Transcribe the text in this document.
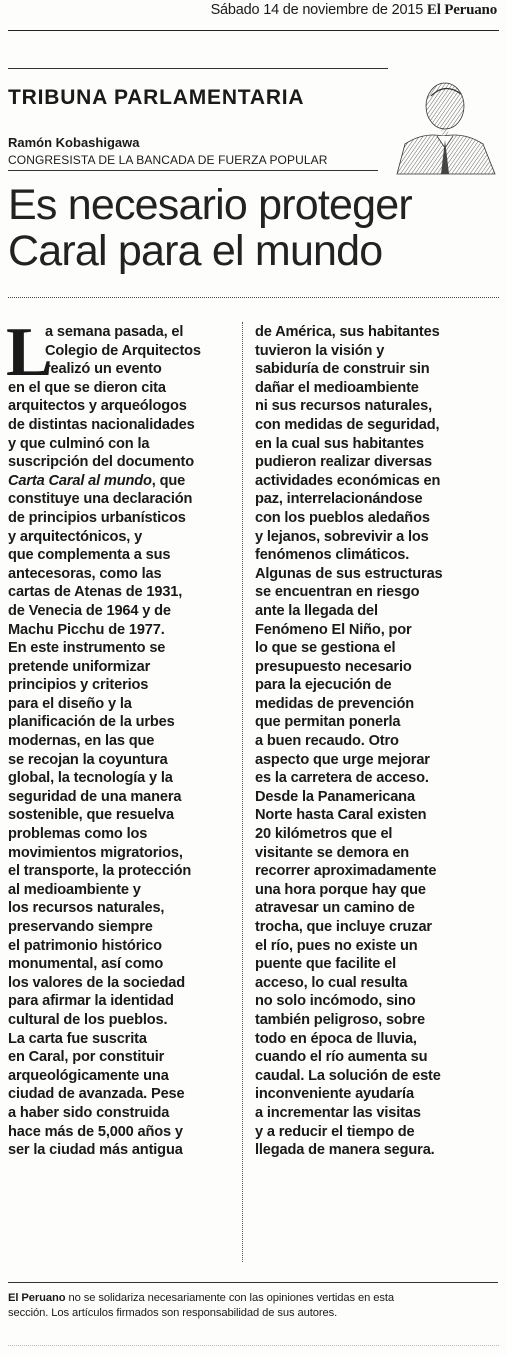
Sábado 14 de noviembre de 2015 El Peruano
TRIBUNA PARLAMENTARIA
Ramón Kobashigawa
CONGRESISTA DE LA BANCADA DE FUERZA POPULAR
Es necesario proteger
Caral para el mundo
L
a semana pasada, el
Colegio de Arquitectos
realizó un evento
en el que se dieron cita
arquitectos y arqueólogos
de distintas nacionalidades
y que culminó con la
suscripción del documento
Carta Caral al mundo, que
constituye una declaración
de principios urbanísticos
y arquitectónicos, y
que complementa a sus
antecesoras, como las
cartas de Atenas de 1931,
de Venecia de 1964 y de
Machu Picchu de 1977.
En este instrumento se
pretende uniformizar
principios y criterios
para el diseño y la
planificación de la urbes
modernas, en las que
se recojan la coyuntura
global, la tecnología y la
seguridad de una manera
sostenible, que resuelva
problemas como los
movimientos migratorios,
el transporte, la protección
al medioambiente y
los recursos naturales,
preservando siempre
el patrimonio histórico
monumental, así como
los valores de la sociedad
para afirmar la identidad
cultural de los pueblos.
La carta fue suscrita
en Caral, por constituir
arqueológicamente una
ciudad de avanzada. Pese
a haber sido construida
hace más de 5,000 años y
ser la ciudad más antigua
de América, sus habitantes
tuvieron la visión y
sabiduría de construir sin
dañar el medioambiente
ni sus recursos naturales,
con medidas de seguridad,
en la cual sus habitantes
pudieron realizar diversas
actividades económicas en
paz, interrelacionándose
con los pueblos aledaños
y lejanos, sobrevivir a los
fenómenos climáticos.
Algunas de sus estructuras
se encuentran en riesgo
ante la llegada del
Fenómeno El Niño, por
lo que se gestiona el
presupuesto necesario
para la ejecución de
medidas de prevención
que permitan ponerla
a buen recaudo. Otro
aspecto que urge mejorar
es la carretera de acceso.
Desde la Panamericana
Norte hasta Caral existen
20 kilómetros que el
visitante se demora en
recorrer aproximadamente
una hora porque hay que
atravesar un camino de
trocha, que incluye cruzar
el río, pues no existe un
puente que facilite el
acceso, lo cual resulta
no solo incómodo, sino
también peligroso, sobre
todo en época de lluvia,
cuando el río aumenta su
caudal. La solución de este
inconveniente ayudaría
a incrementar las visitas
y a reducir el tiempo de
llegada de manera segura.
El Peruano no se solidariza necesariamente con las opiniones vertidas en esta
sección. Los artículos firmados son responsabilidad de sus autores.
